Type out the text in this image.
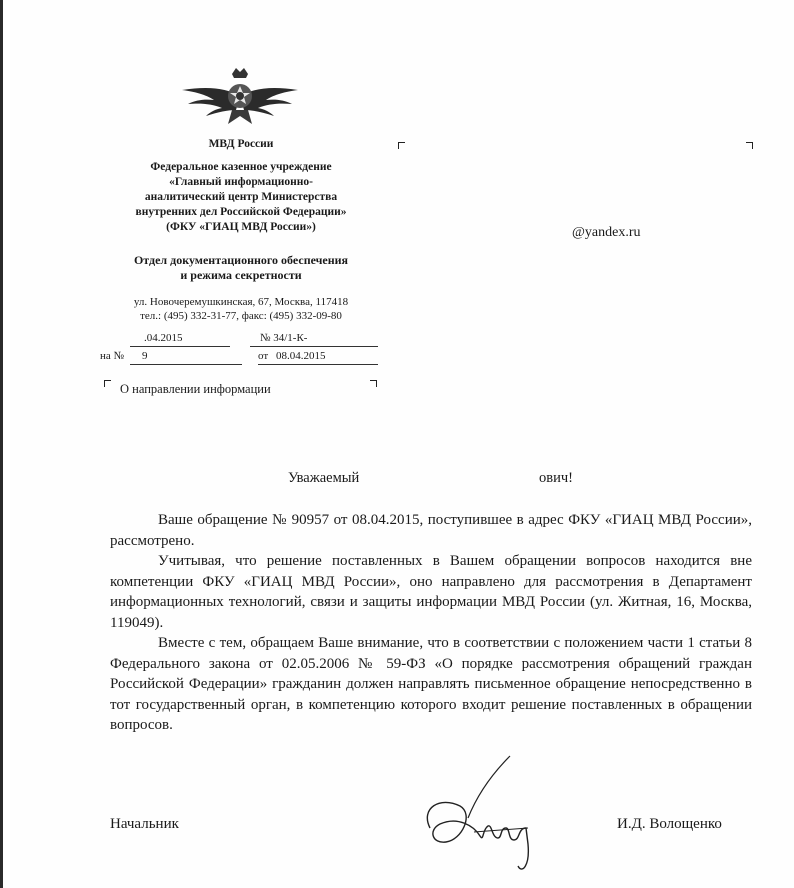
МВД России
Федеральное казенное учреждение
«Главный информационно-
аналитический центр Министерства
внутренних дел Российской Федерации»
(ФКУ «ГИАЦ МВД России»)
Отдел документационного обеспечения
и режима секретности
ул. Новочеремушкинская, 67, Москва, 117418
тел.: (495) 332-31-77, факс: (495) 332-09-80
.04.2015	№ 34/1-К-
на № 9	от 08.04.2015
О направлении информации
@yandex.ru
Уважаемый	ович!

Ваше обращение № 90957 от 08.04.2015, поступившее в адрес ФКУ «ГИАЦ МВД России», рассмотрено.

Учитывая, что решение поставленных в Вашем обращении вопросов находится вне компетенции ФКУ «ГИАЦ МВД России», оно направлено для рассмотрения в Департамент информационных технологий, связи и защиты информации МВД России (ул. Житная, 16, Москва, 119049).

Вместе с тем, обращаем Ваше внимание, что в соответствии с положением части 1 статьи 8 Федерального закона от 02.05.2006 № 59-ФЗ «О порядке рассмотрения обращений граждан Российской Федерации» гражданин должен направлять письменное обращение непосредственно в тот государственный орган, в компетенцию которого входит решение поставленных в обращении вопросов.

Начальник	И.Д. Волощенко
